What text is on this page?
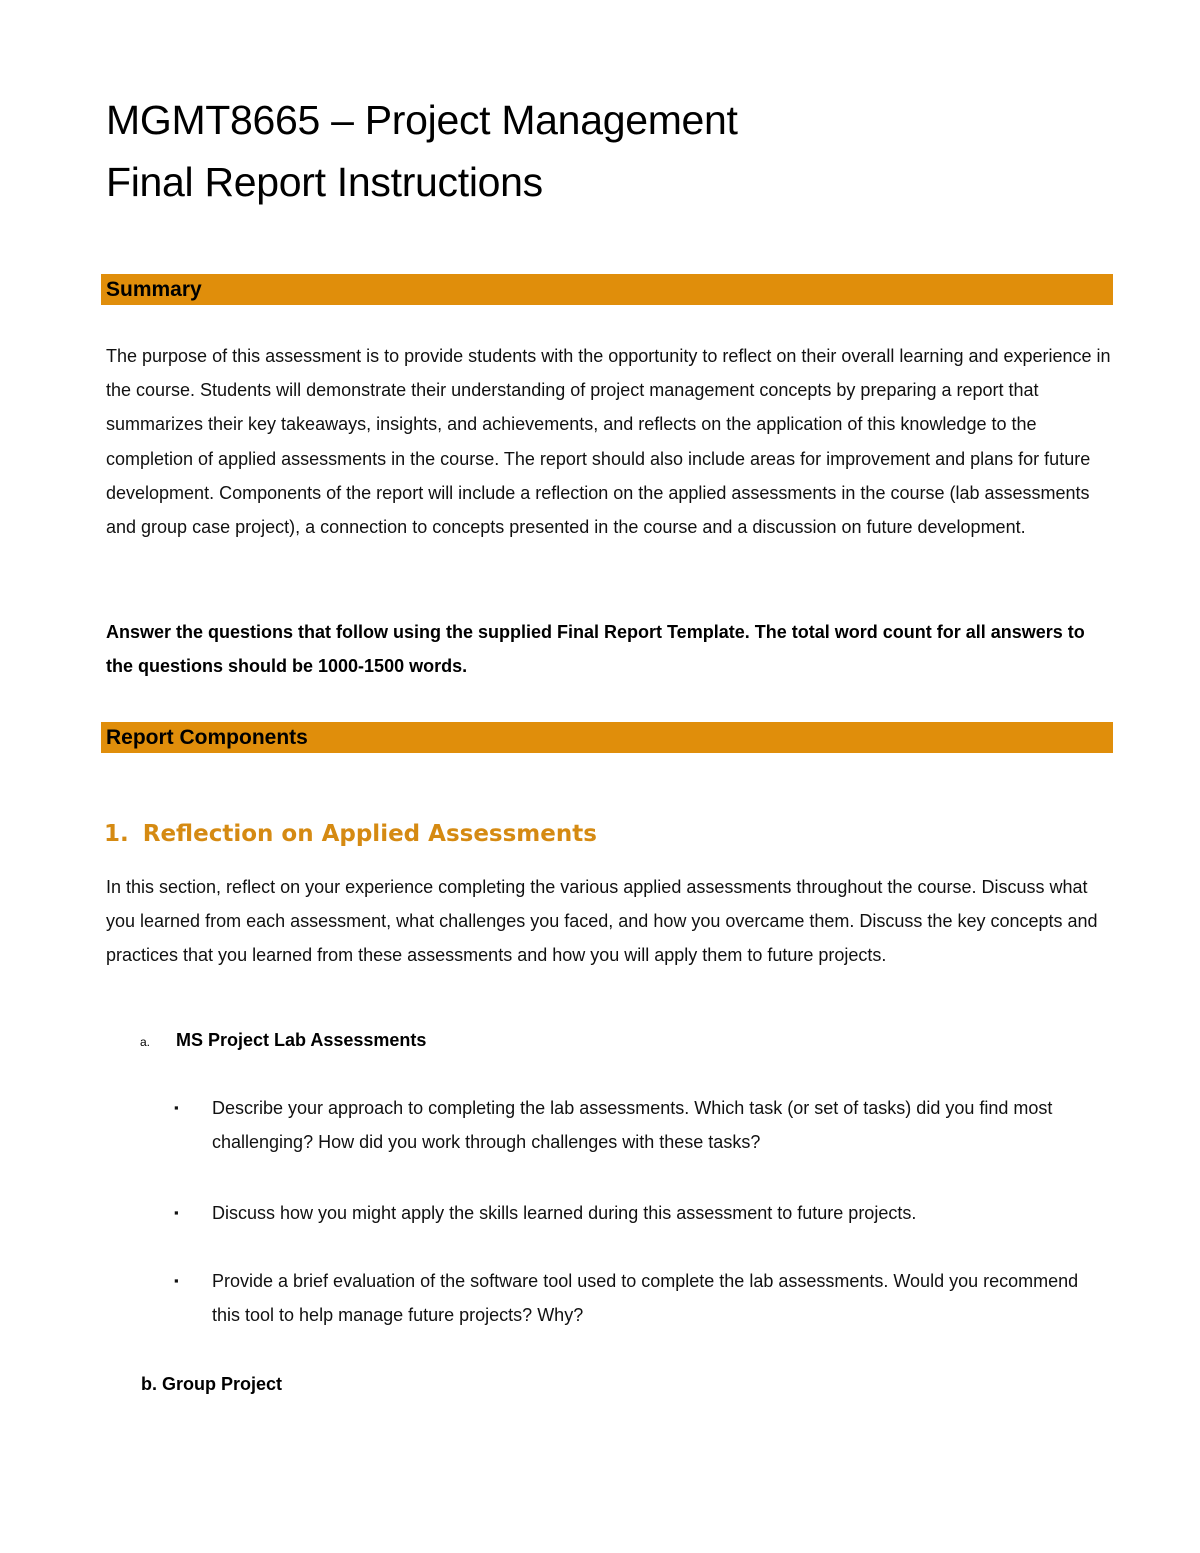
MGMT8665 – Project Management
Final Report Instructions
Summary

The purpose of this assessment is to provide students with the opportunity to reflect on their overall learning and experience in the course. Students will demonstrate their understanding of project management concepts by preparing a report that summarizes their key takeaways, insights, and achievements, and reflects on the application of this knowledge to the completion of applied assessments in the course. The report should also include areas for improvement and plans for future development. Components of the report will include a reflection on the applied assessments in the course (lab assessments and group case project), a connection to concepts presented in the course and a discussion on future development.

Answer the questions that follow using the supplied Final Report Template. The total word count for all answers to the questions should be 1000-1500 words.

Report Components
1. Reflection on Applied Assessments

In this section, reflect on your experience completing the various applied assessments throughout the course. Discuss what you learned from each assessment, what challenges you faced, and how you overcame them. Discuss the key concepts and practices that you learned from these assessments and how you will apply them to future projects.

a. MS Project Lab Assessments
▪	Describe your approach to completing the lab assessments. Which task (or set of tasks) did you find most challenging? How did you work through challenges with these tasks?
▪	Discuss how you might apply the skills learned during this assessment to future projects.
▪	Provide a brief evaluation of the software tool used to complete the lab assessments. Would you recommend this tool to help manage future projects? Why?
b. Group Project
